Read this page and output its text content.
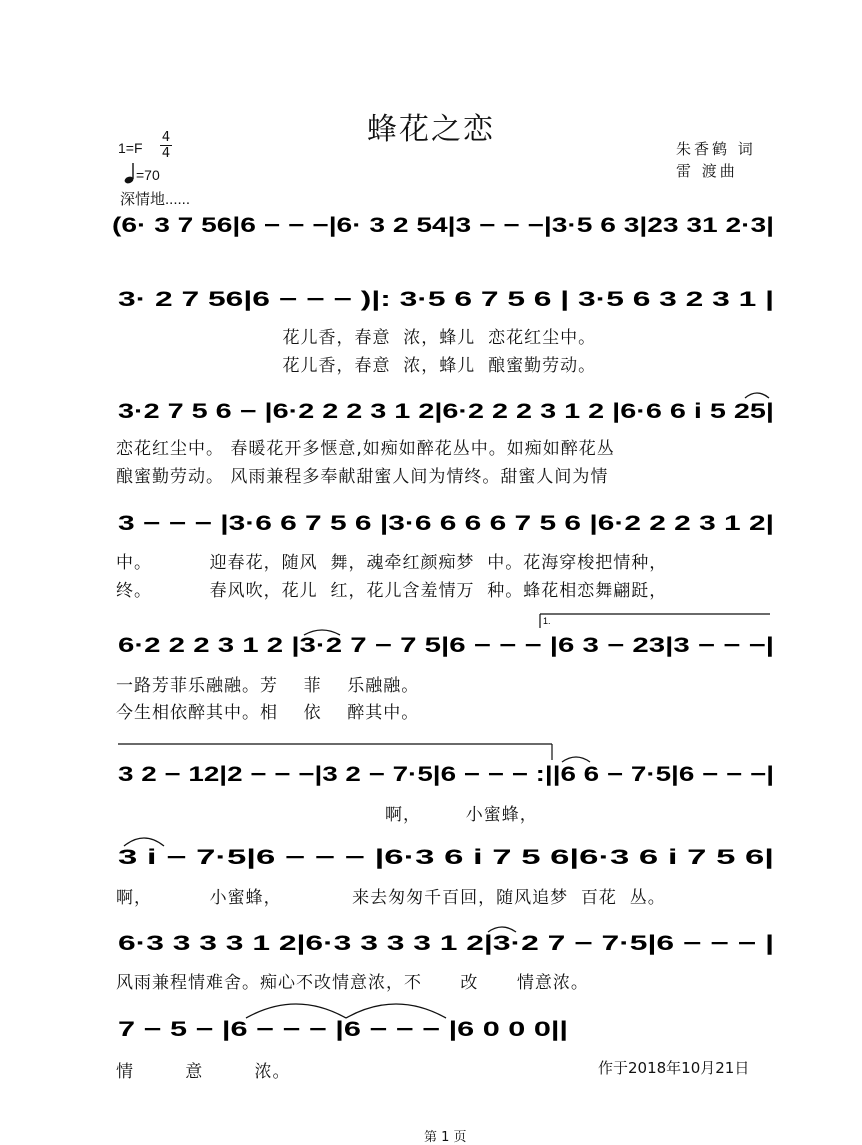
蜂花之恋
1=F
4
4
=70
深情地......
朱香鹤 词
雷 渡曲
(6· 3 7 56|6 − − −|6· 3 2 54|3 − − −|3·5 6 3|23 31 2·3|
3· 2 7 56|6 − − − )|: 3·5 6 7 5 6 | 3·5 6 3 2 3 1 |
3·2 7 5 6 − |6·2 2 2 3 1 2|6·2 2 2 3 1 2 |6·6 6 i 5 25|
3 − − − |3·6 6 7 5 6 |3·6 6 6 6 7 5 6 |6·2 2 2 3 1 2|
1.
6·2 2 2 3 1 2 |3·2 7 − 7 5|6 − − − |6 3 − 23|3 − − −|
3 2 − 12|2 − − −|3 2 − 7·5|6 − − − :||6 6 − 7·5|6 − − −|
3 i − 7·5|6 − − − |6·3 6 i 7 5 6|6·3 6 i 7 5 6|
6·3 3 3 3 1 2|6·3 3 3 3 1 2|3·2 7 − 7·5|6 − − − |
7 − 5 − |6 − − − |6 − − − |6 0 0 0||
花儿香，春意  浓，蜂儿  恋花红尘中。
花儿香，春意  浓，蜂儿  酿蜜勤劳动。
恋花红尘中。 春暖花开多惬意,如痴如醉花丛中。如痴如醉花丛
酿蜜勤劳动。 风雨兼程多奉献甜蜜人间为情终。甜蜜人间为情
中。         迎春花，随风  舞，魂牵红颜痴梦  中。花海穿梭把情种，
终。         春风吹，花儿  红，花儿含羞情万  种。蜂花相恋舞翩跹，
一路芳菲乐融融。芳    菲    乐融融。
今生相依醉其中。相    依    醉其中。
啊，       小蜜蜂，
啊，         小蜜蜂，           来去匆匆千百回，随风追梦  百花  丛。
风雨兼程情难舍。痴心不改情意浓，不      改      情意浓。
情        意        浓。	作于2018年10月21日
第 1 页
